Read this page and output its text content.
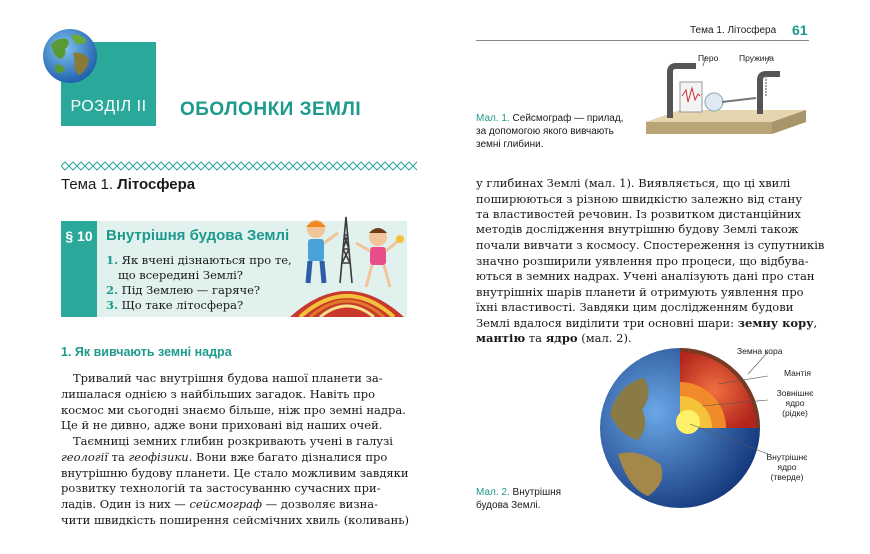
РОЗДІЛ II	ОБОЛОНКИ ЗЕМЛІ
Тема 1. Літосфера
§ 10 Внутрішня будова Землі
1. Як вчені дізнаються про те,
що всередині Землі?
2. Під Землею — гаряче?
3. Що таке літосфера?
1. Як вивчають земні надра
Тривалий час внутрішня будова нашої планети за-
лишалася однією з найбільших загадок. Навіть про
космос ми сьогодні знаємо більше, ніж про земні надра.
Це й не дивно, адже вони приховані від наших очей.
Таємниці земних глибин розкривають учені в галузі
геології та геофізики. Вони вже багато дізналися про
внутрішню будову планети. Це стало можливим завдяки
розвитку технологій та застосуванню сучасних при-
ладів. Один із них — сейсмограф — дозволяє визна-
чити швидкість поширення сейсмічних хвиль (коливань)
Тема 1. Літосфера 61
Перо Пружина
Мал. 1. Сейсмограф — прилад,
за допомогою якого вивчають
земні глибини.
у глибинах Землі (мал. 1). Виявляється, що ці хвилі
поширюються з різною швидкістю залежно від стану
та властивостей речовин. Із розвитком дистанційних
методів дослідження внутрішню будову Землі також
почали вивчати з космосу. Спостереження із супутників
значно розширили уявлення про процеси, що відбува-
ються в земних надрах. Учені аналізують дані про стан
внутрішніх шарів планети й отримують уявлення про
їхні властивості. Завдяки цим дослідженням будови
Землі вдалося виділити три основні шари: земну кору,
мантію та ядро (мал. 2).
Земна кора
Мантія
Зовнішнє
ядро
(рідке)
Внутрішнє
ядро
(тверде)
Мал. 2. Внутрішня
будова Землі.
